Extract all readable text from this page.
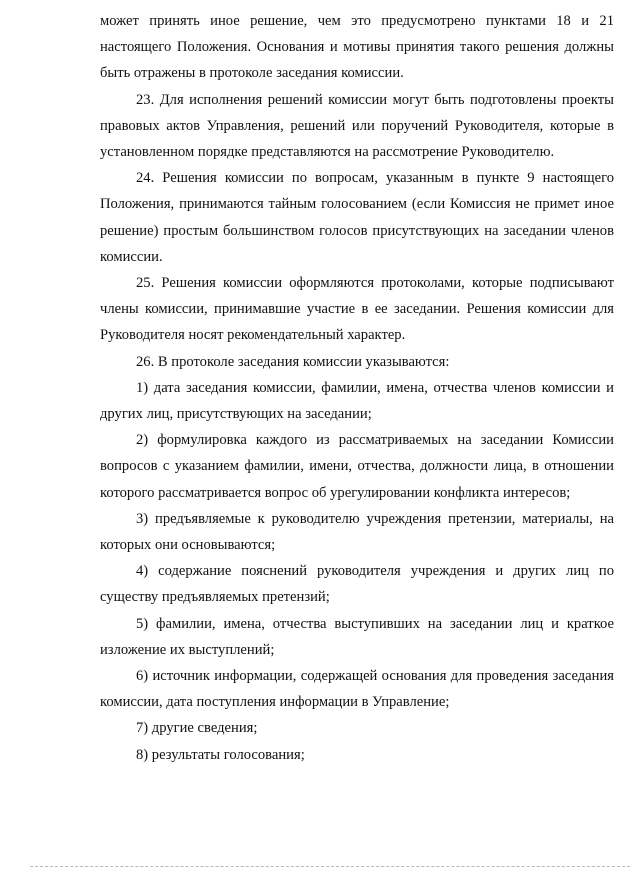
может принять иное решение, чем это предусмотрено пунктами 18 и 21 настоящего Положения. Основания и мотивы принятия такого решения должны быть отражены в протоколе заседания комиссии.

23. Для исполнения решений комиссии могут быть подготовлены проекты правовых актов Управления, решений или поручений Руководителя, которые в установленном порядке представляются на рассмотрение Руководителю.

24. Решения комиссии по вопросам, указанным в пункте 9 настоящего Положения, принимаются тайным голосованием (если Комиссия не примет иное решение) простым большинством голосов присутствующих на заседании членов комиссии.

25. Решения комиссии оформляются протоколами, которые подписывают члены комиссии, принимавшие участие в ее заседании. Решения комиссии для Руководителя носят рекомендательный характер.

26. В протоколе заседания комиссии указываются:

1) дата заседания комиссии, фамилии, имена, отчества членов комиссии и других лиц, присутствующих на заседании;

2) формулировка каждого из рассматриваемых на заседании Комиссии вопросов с указанием фамилии, имени, отчества, должности лица, в отношении которого рассматривается вопрос об урегулировании конфликта интересов;

3) предъявляемые к руководителю учреждения претензии, материалы, на которых они основываются;

4) содержание пояснений руководителя учреждения и других лиц по существу предъявляемых претензий;

5) фамилии, имена, отчества выступивших на заседании лиц и краткое изложение их выступлений;

6) источник информации, содержащей основания для проведения заседания комиссии, дата поступления информации в Управление;

7) другие сведения;

8) результаты голосования;
